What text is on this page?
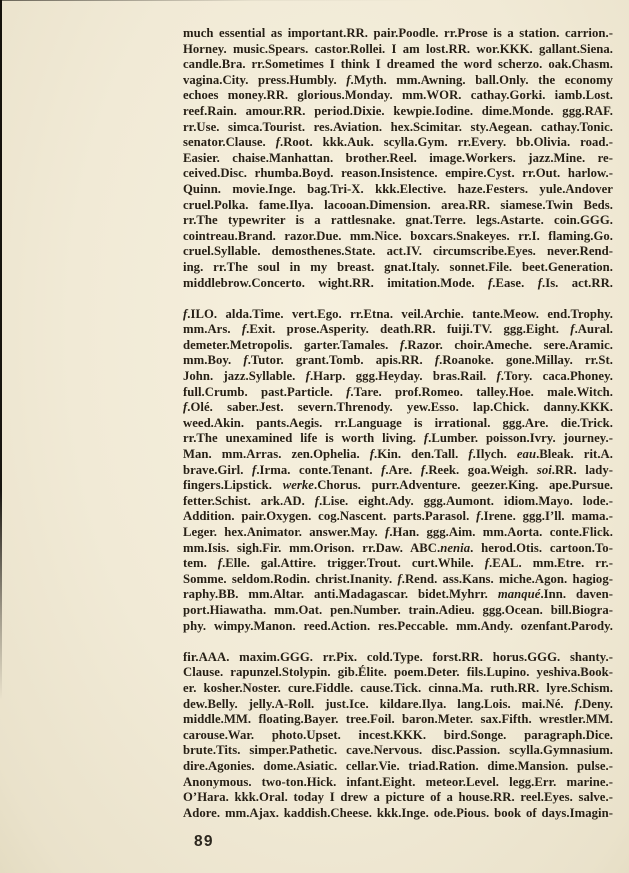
much essential as important.RR. pair.Poodle. rr.Prose is a station. carrion.-
Horney. music.Spears. castor.Rollei. I am lost.RR. wor.KKK. gallant.Siena.
candle.Bra. rr.Sometimes I think I dreamed the word scherzo. oak.Chasm.
vagina.City. press.Humbly. f.Myth. mm.Awning. ball.Only. the economy
echoes money.RR. glorious.Monday. mm.WOR. cathay.Gorki. iamb.Lost.
reef.Rain. amour.RR. period.Dixie. kewpie.Iodine. dime.Monde. ggg.RAF.
rr.Use. simca.Tourist. res.Aviation. hex.Scimitar. sty.Aegean. cathay.Tonic.
senator.Clause. f.Root. kkk.Auk. scylla.Gym. rr.Every. bb.Olivia. road.-
Easier. chaise.Manhattan. brother.Reel. image.Workers. jazz.Mine. re-
ceived.Disc. rhumba.Boyd. reason.Insistence. empire.Cyst. rr.Out. harlow.-
Quinn. movie.Inge. bag.Tri-X. kkk.Elective. haze.Festers. yule.Andover
cruel.Polka. fame.Ilya. lacooan.Dimension. area.RR. siamese.Twin Beds.
rr.The typewriter is a rattlesnake. gnat.Terre. legs.Astarte. coin.GGG.
cointreau.Brand. razor.Due. mm.Nice. boxcars.Snakeyes. rr.I. flaming.Go.
cruel.Syllable. demosthenes.State. act.IV. circumscribe.Eyes. never.Rend-
ing. rr.The soul in my breast. gnat.Italy. sonnet.File. beet.Generation.
middlebrow.Concerto. wight.RR. imitation.Mode. f.Ease. f.Is. act.RR.
f.ILO. alda.Time. vert.Ego. rr.Etna. veil.Archie. tante.Meow. end.Trophy.
mm.Ars. f.Exit. prose.Asperity. death.RR. fuiji.TV. ggg.Eight. f.Aural.
demeter.Metropolis. garter.Tamales. f.Razor. choir.Ameche. sere.Aramic.
mm.Boy. f.Tutor. grant.Tomb. apis.RR. f.Roanoke. gone.Millay. rr.St.
John. jazz.Syllable. f.Harp. ggg.Heyday. bras.Rail. f.Tory. caca.Phoney.
full.Crumb. past.Particle. f.Tare. prof.Romeo. talley.Hoe. male.Witch.
f.Olé. saber.Jest. severn.Threnody. yew.Esso. lap.Chick. danny.KKK.
weed.Akin. pants.Aegis. rr.Language is irrational. ggg.Are. die.Trick.
rr.The unexamined life is worth living. f.Lumber. poisson.Ivry. journey.-
Man. mm.Arras. zen.Ophelia. f.Kin. den.Tall. f.Ilych. eau.Bleak. rit.A.
brave.Girl. f.Irma. conte.Tenant. f.Are. f.Reek. goa.Weigh. soi.RR. lady-
fingers.Lipstick. werke.Chorus. purr.Adventure. geezer.King. ape.Pursue.
fetter.Schist. ark.AD. f.Lise. eight.Ady. ggg.Aumont. idiom.Mayo. lode.-
Addition. pair.Oxygen. cog.Nascent. parts.Parasol. f.Irene. ggg.I’ll. mama.-
Leger. hex.Animator. answer.May. f.Han. ggg.Aim. mm.Aorta. conte.Flick.
mm.Isis. sigh.Fir. mm.Orison. rr.Daw. ABC.nenia. herod.Otis. cartoon.To-
tem. f.Elle. gal.Attire. trigger.Trout. curt.While. f.EAL. mm.Etre. rr.-
Somme. seldom.Rodin. christ.Inanity. f.Rend. ass.Kans. miche.Agon. hagiog-
raphy.BB. mm.Altar. anti.Madagascar. bidet.Myhrr. manqué.Inn. daven-
port.Hiawatha. mm.Oat. pen.Number. train.Adieu. ggg.Ocean. bill.Biogra-
phy. wimpy.Manon. reed.Action. res.Peccable. mm.Andy. ozenfant.Parody.
fir.AAA. maxim.GGG. rr.Pix. cold.Type. forst.RR. horus.GGG. shanty.-
Clause. rapunzel.Stolypin. gib.Élite. poem.Deter. fils.Lupino. yeshiva.Book-
er. kosher.Noster. cure.Fiddle. cause.Tick. cinna.Ma. ruth.RR. lyre.Schism.
dew.Belly. jelly.A-Roll. just.Ice. kildare.Ilya. lang.Lois. mai.Né. f.Deny.
middle.MM. floating.Bayer. tree.Foil. baron.Meter. sax.Fifth. wrestler.MM.
carouse.War. photo.Upset. incest.KKK. bird.Songe. paragraph.Dice.
brute.Tits. simper.Pathetic. cave.Nervous. disc.Passion. scylla.Gymnasium.
dire.Agonies. dome.Asiatic. cellar.Vie. triad.Ration. dime.Mansion. pulse.-
Anonymous. two-ton.Hick. infant.Eight. meteor.Level. legg.Err. marine.-
O’Hara. kkk.Oral. today I drew a picture of a house.RR. reel.Eyes. salve.-
Adore. mm.Ajax. kaddish.Cheese. kkk.Inge. ode.Pious. book of days.Imagin-
89
